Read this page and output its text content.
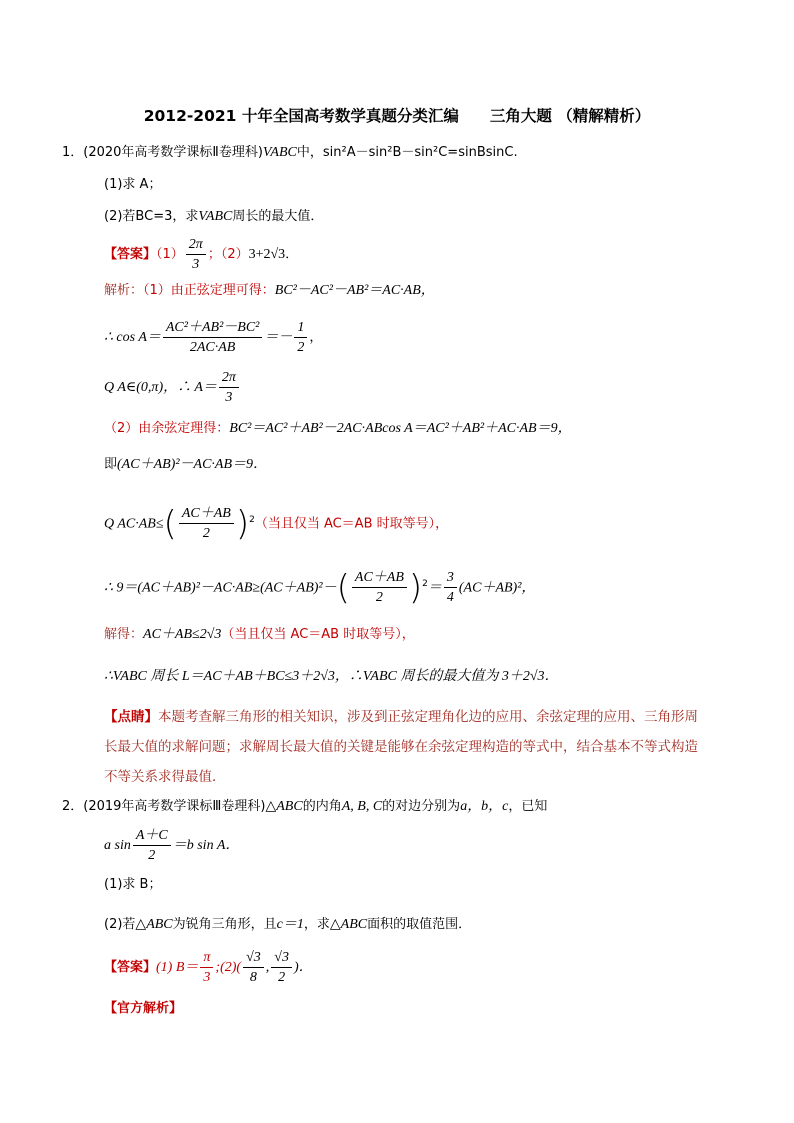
2012-2021 十年全国高考数学真题分类汇编　　三角大题 （精解精析）
1．(2020年高考数学课标Ⅱ卷理科)VABC中，sin²A－sin²B－sin²C=sinBsinC.
(1)求 A；
(2)若BC=3，求VABC周长的最大值．
【答案】$(1) \frac{2\pi}{3}$ ；（2）3+2√3．
解析：（1）由正弦定理可得：BC²－AC²－AB²＝AC·AB，
∴ $\cos A= \frac{\text{AC²＋AB²－BC²}}{2AC\cdot AB} =- \frac{1}{2}$ ，
Q A∈(0,π)，∴ $A= \frac{2\pi}{3}$
（2）由余弦定理得：BC²＝AC²＋AB²－2AC·ABcos A＝AC²＋AB²＋AC·AB＝9，
即(AC＋AB)²－AC·AB＝9．
Q $AC\cdot AB\le( \frac{AC+AB}{2} )^2$（当且仅当 AC＝AB 时取等号），
∴ $9=(AC+AB)^2-AC\cdot AB\ge(AC+AB)^2-( \frac{AC+AB}{2} )^2= \frac{3}{4} (AC+AB)^2$，
解得：AC＋AB≤2√3（当且仅当 AC＝AB 时取等号），
∴VABC 周长 L＝AC＋AB＋BC≤3＋2√3，∴VABC 周长的最大值为 3＋2√3．
【点睛】本题考查解三角形的相关知识，涉及到正弦定理角化边的应用、余弦定理的应用、三角形周
长最大值的求解问题；求解周长最大值的关键是能够在余弦定理构造的等式中，结合基本不等式构造
不等关系求得最值．
2．(2019年高考数学课标Ⅲ卷理科)△ABC的内角A, B, C的对边分别为a，b，c，已知
a $\sin \frac{A+C}{2} =b$ sin A．
(1)求 B；
(2)若△ABC为锐角三角形，且c＝1，求△ABC面积的取值范围．
【答案】(1) $B= \frac{\pi}{3}$ ;(2)( $\frac{√3}{8}$ , $\frac{√3}{2}$ )．
【官方解析】
